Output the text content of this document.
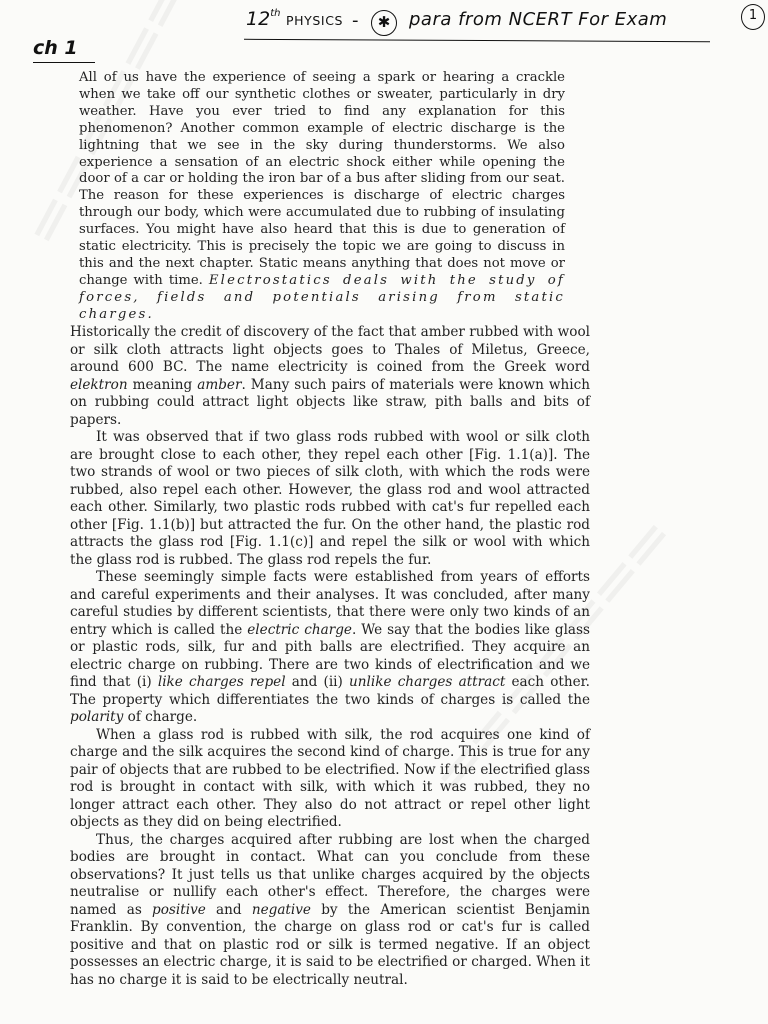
12th PHYSICS -	✱	para from NCERT For Exam	1
ch 1

All of us have the experience of seeing a spark or hearing a crackle when we take off our synthetic clothes or sweater, particularly in dry weather. Have you ever tried to find any explanation for this phenomenon? Another common example of electric discharge is the lightning that we see in the sky during thunderstorms. We also experience a sensation of an electric shock either while opening the door of a car or holding the iron bar of a bus after sliding from our seat. The reason for these experiences is discharge of electric charges through our body, which were accumulated due to rubbing of insulating surfaces. You might have also heard that this is due to generation of static electricity. This is precisely the topic we are going to discuss in this and the next chapter. Static means anything that does not move or change with time. Electrostatics deals with the study of forces, fields and potentials arising from static charges.

Historically the credit of discovery of the fact that amber rubbed with wool or silk cloth attracts light objects goes to Thales of Miletus, Greece, around 600 BC. The name electricity is coined from the Greek word elektron meaning amber. Many such pairs of materials were known which on rubbing could attract light objects like straw, pith balls and bits of papers.

It was observed that if two glass rods rubbed with wool or silk cloth are brought close to each other, they repel each other [Fig. 1.1(a)]. The two strands of wool or two pieces of silk cloth, with which the rods were rubbed, also repel each other. However, the glass rod and wool attracted each other. Similarly, two plastic rods rubbed with cat's fur repelled each other [Fig. 1.1(b)] but attracted the fur. On the other hand, the plastic rod attracts the glass rod [Fig. 1.1(c)] and repel the silk or wool with which the glass rod is rubbed. The glass rod repels the fur.

These seemingly simple facts were established from years of efforts and careful experiments and their analyses. It was concluded, after many careful studies by different scientists, that there were only two kinds of an entry which is called the electric charge. We say that the bodies like glass or plastic rods, silk, fur and pith balls are electrified. They acquire an electric charge on rubbing. There are two kinds of electrification and we find that (i) like charges repel and (ii) unlike charges attract each other. The property which differentiates the two kinds of charges is called the polarity of charge.

When a glass rod is rubbed with silk, the rod acquires one kind of charge and the silk acquires the second kind of charge. This is true for any pair of objects that are rubbed to be electrified. Now if the electrified glass rod is brought in contact with silk, with which it was rubbed, they no longer attract each other. They also do not attract or repel other light objects as they did on being electrified.

Thus, the charges acquired after rubbing are lost when the charged bodies are brought in contact. What can you conclude from these observations? It just tells us that unlike charges acquired by the objects neutralise or nullify each other's effect. Therefore, the charges were named as positive and negative by the American scientist Benjamin Franklin. By convention, the charge on glass rod or cat's fur is called positive and that on plastic rod or silk is termed negative. If an object possesses an electric charge, it is said to be electrified or charged. When it has no charge it is said to be electrically neutral.
